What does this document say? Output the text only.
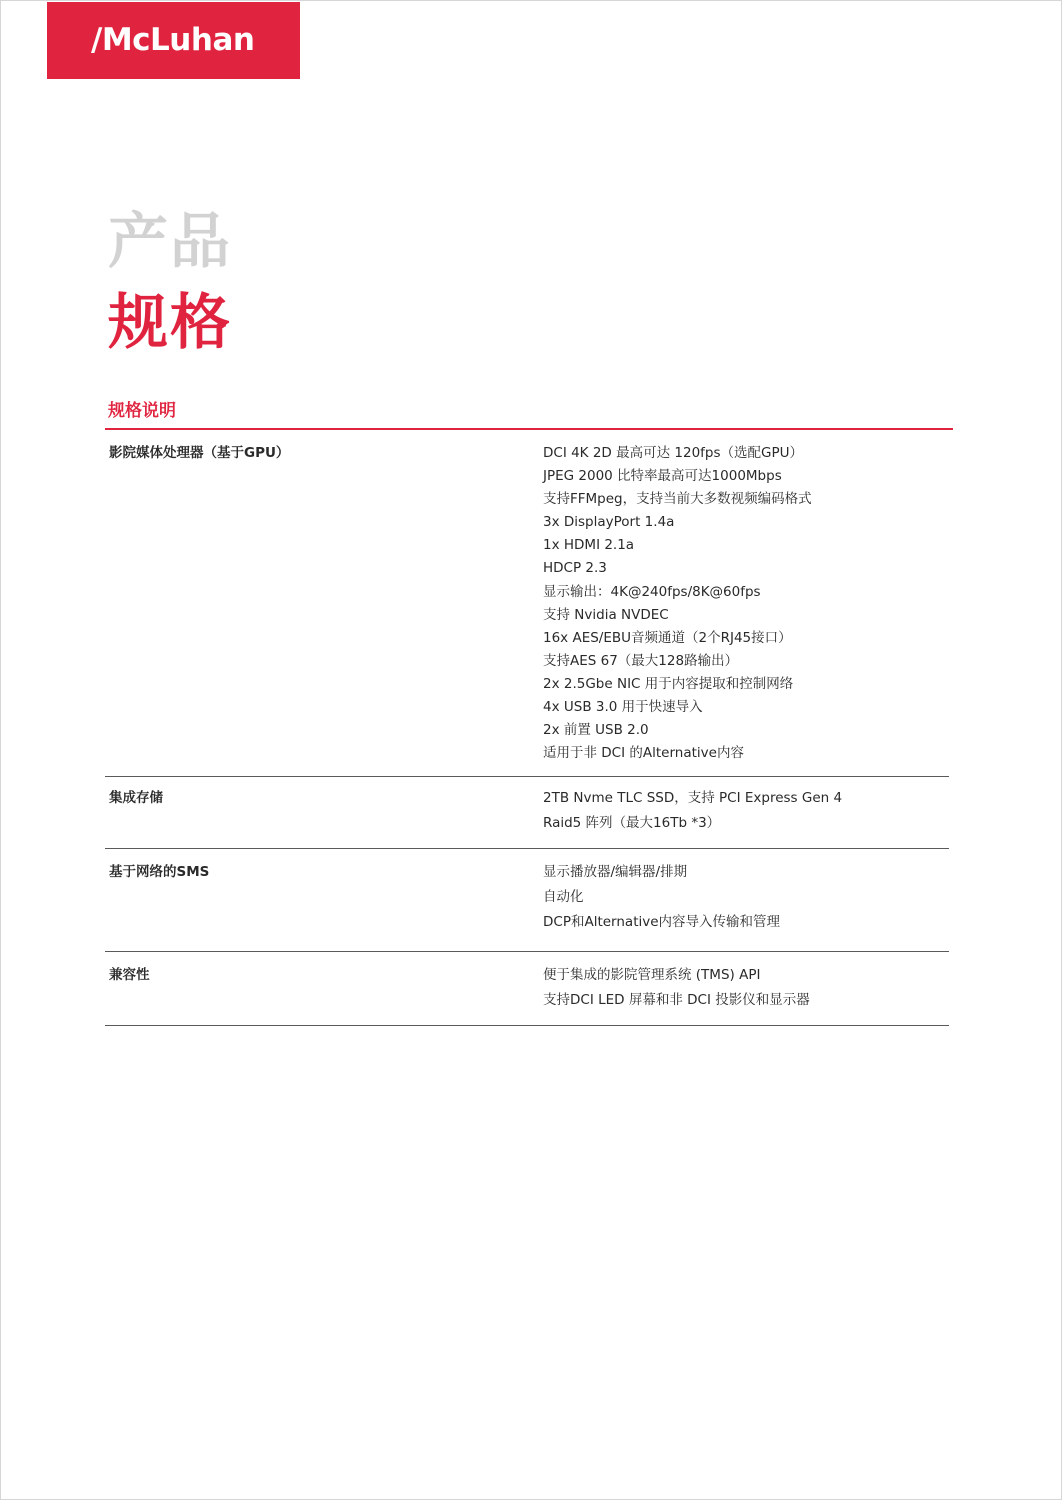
/McLuhan
产品
规格
规格说明
影院媒体处理器（基于GPU）	DCI 4K 2D 最高可达 120fps（选配GPU）
JPEG 2000 比特率最高可达1000Mbps
支持FFMpeg，支持当前大多数视频编码格式
3x DisplayPort 1.4a
1x HDMI 2.1a
HDCP 2.3
显示输出：4K@240fps/8K@60fps
支持 Nvidia NVDEC
16x AES/EBU音频通道（2个RJ45接口）
支持AES 67（最大128路输出）
2x 2.5Gbe NIC 用于内容提取和控制网络
4x USB 3.0 用于快速导入
2x 前置 USB 2.0
适用于非 DCI 的Alternative内容
集成存储	2TB Nvme TLC SSD，支持 PCI Express Gen 4
Raid5 阵列（最大16Tb *3）
基于网络的SMS	显示播放器/编辑器/排期
自动化
DCP和Alternative内容导入传输和管理
兼容性	便于集成的影院管理系统 (TMS) API
支持DCI LED 屏幕和非 DCI 投影仪和显示器
